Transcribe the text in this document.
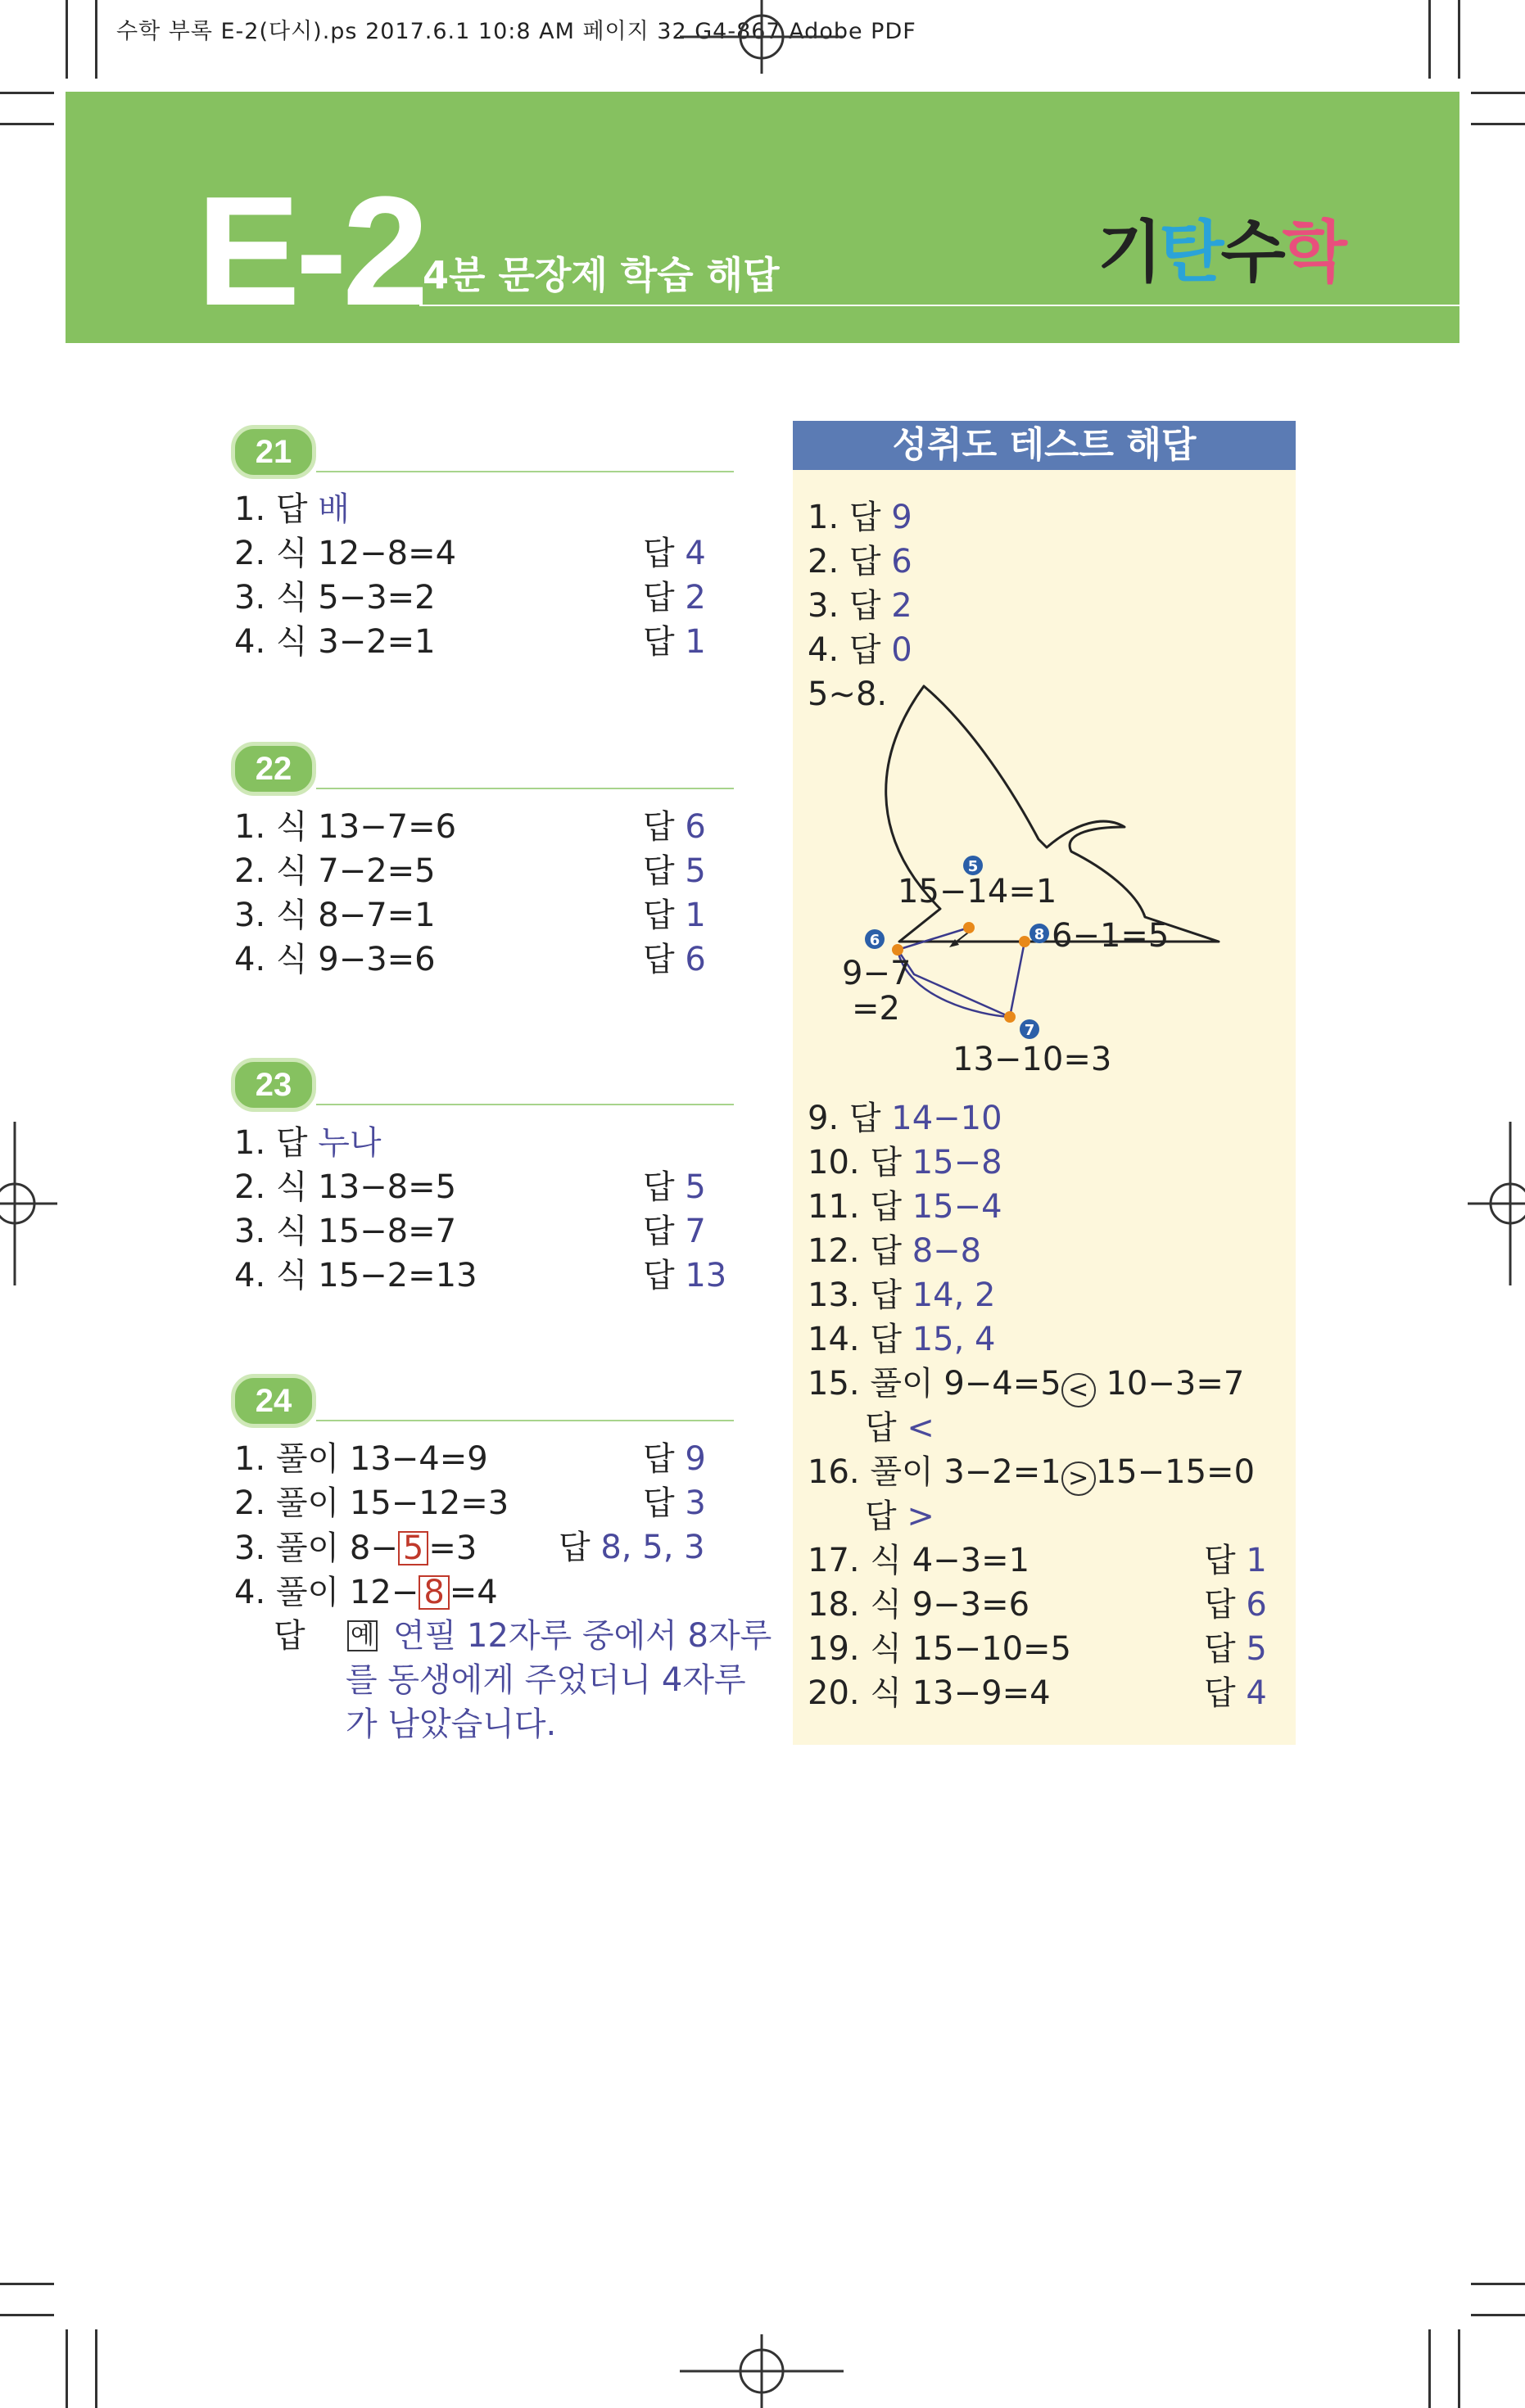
수학 부록 E-2(다시).ps 2017.6.1 10:8 AM 페이지 32 G4-867 Adobe PDF
E-2
4분 문장제 학습 해답	기탄수학
21
1. 답 배
2. 식 12−8=4	답 4
3. 식 5−3=2	답 2
4. 식 3−2=1	답 1
22
1. 식 13−7=6	답 6
2. 식 7−2=5	답 5
3. 식 8−7=1	답 1
4. 식 9−3=6	답 6
23
1. 답 누나
2. 식 13−8=5	답 5
3. 식 15−8=7	답 7
4. 식 15−2=13	답 13
24
1. 풀이 13−4=9	답 9
2. 풀이 15−12=3	답 3
3. 풀이 8− 5 =3 답 8, 5, 3
4. 풀이 12− 8 =4
답 예 연필 12자루 중에서 8자루
를 동생에게 주었더니 4자루
가 남았습니다.
성취도 테스트 해답
1. 답 9
2. 답 6
3. 답 2
4. 답 0
5∼8.
5
6
7
8
15−14=1
6−1=5
9−7
=2
13−10=3
9. 답 14−10
10. 답 15−8
11. 답 15−4
12. 답 8−8
13. 답 14, 2
14. 답 15, 4
15. 풀이 9−4=5 < 10−3=7
답 <
16. 풀이 3−2=1 > 15−15=0
답 >
17. 식 4−3=1	답 1
18. 식 9−3=6	답 6
19. 식 15−10=5	답 5
20. 식 13−9=4	답 4
